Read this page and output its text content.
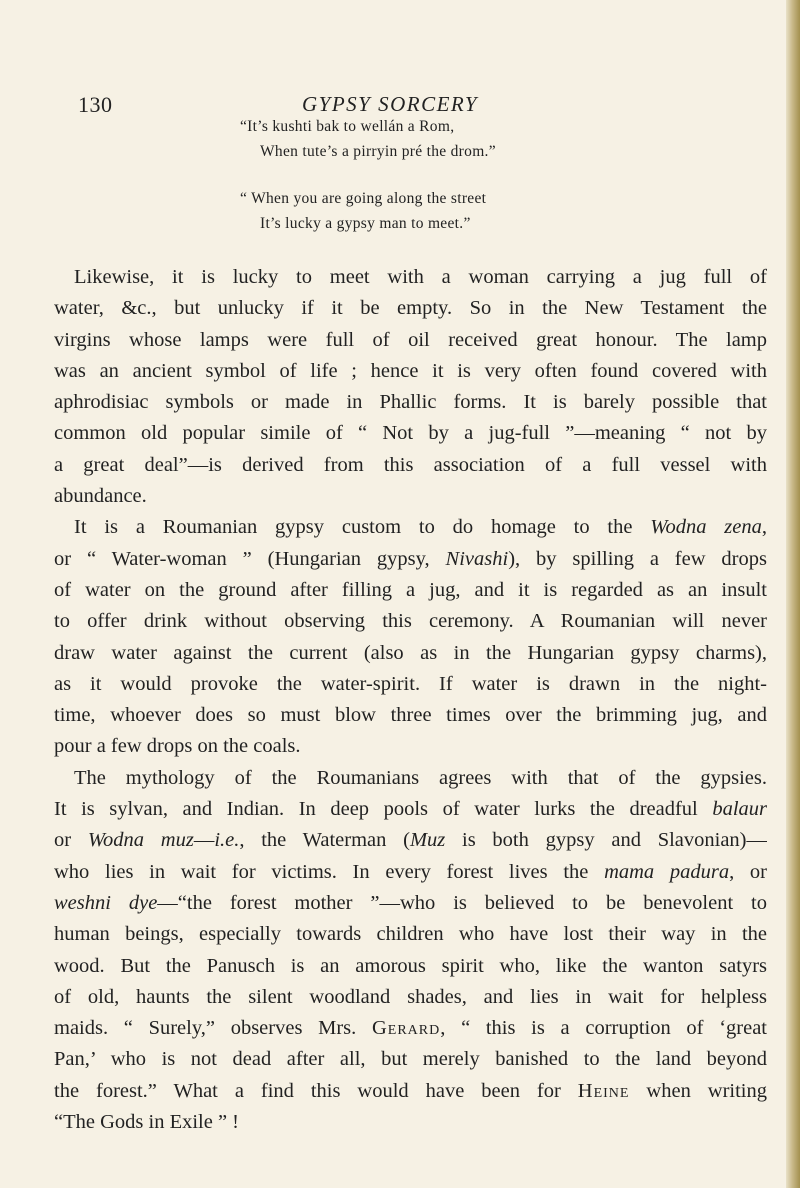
130	GYPSY SORCERY
“It’s kushti bak to wellán a Rom,
When tute’s a pirryin pré the drom.”
“ When you are going along the street
It’s lucky a gypsy man to meet.”
Likewise, it is lucky to meet with a woman carrying a jug full of
water, &c., but unlucky if it be empty. So in the New Testament the
virgins whose lamps were full of oil received great honour. The lamp
was an ancient symbol of life ; hence it is very often found covered with
aphrodisiac symbols or made in Phallic forms. It is barely possible that
common old popular simile of “ Not by a jug-full ”—meaning “ not by
a great deal”—is derived from this association of a full vessel with
abundance.
It is a Roumanian gypsy custom to do homage to the Wodna zena,
or “ Water-woman ” (Hungarian gypsy, Nivashi), by spilling a few drops
of water on the ground after filling a jug, and it is regarded as an insult
to offer drink without observing this ceremony. A Roumanian will never
draw water against the current (also as in the Hungarian gypsy charms),
as it would provoke the water-spirit. If water is drawn in the night-
time, whoever does so must blow three times over the brimming jug, and
pour a few drops on the coals.
The mythology of the Roumanians agrees with that of the gypsies.
It is sylvan, and Indian. In deep pools of water lurks the dreadful balaur
or Wodna muz—i.e., the Waterman (Muz is both gypsy and Slavonian)—
who lies in wait for victims. In every forest lives the mama padura, or
weshni dye—“the forest mother ”—who is believed to be benevolent to
human beings, especially towards children who have lost their way in the
wood. But the Panusch is an amorous spirit who, like the wanton satyrs
of old, haunts the silent woodland shades, and lies in wait for helpless
maids. “ Surely,” observes Mrs. Gerard, “ this is a corruption of ‘great
Pan,’ who is not dead after all, but merely banished to the land beyond
the forest.” What a find this would have been for Heine when writing
“The Gods in Exile ” !
